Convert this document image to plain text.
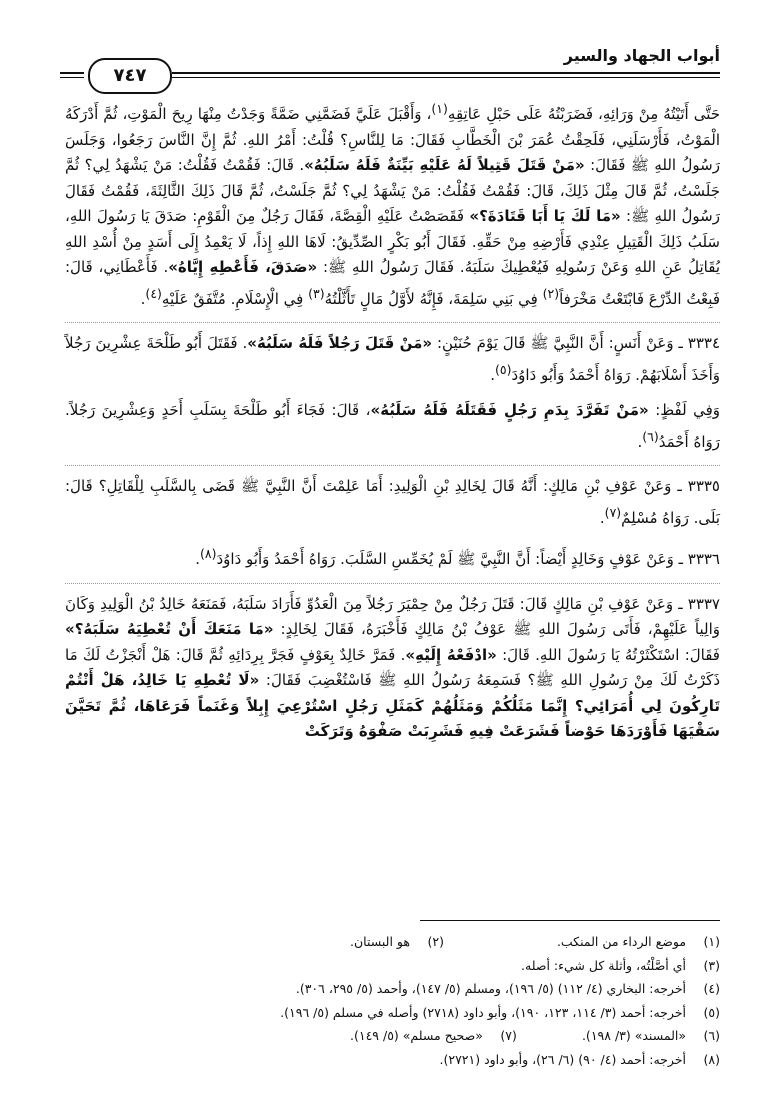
أبواب الجهاد والسير
٧٤٧

حَتَّى أَتَيْتُهُ مِنْ وَرَائِهِ، فَضَرَبْتُهُ عَلَى حَبْلِ عَاتِقِهِ$^{(١)}$، وَأَقْبَلَ عَلَيَّ فَضَمَّنِي ضَمَّةً وَجَدْتُ مِنْهَا رِيحَ الْمَوْتِ، ثُمَّ أَدْرَكَهُ الْمَوْتُ، فَأَرْسَلَنِي، فَلَحِقْتُ عُمَرَ بْنَ الْخَطَّابِ فَقَالَ: مَا لِلنَّاسِ؟ قُلْتُ: أَمْرُ اللهِ. ثُمَّ إِنَّ النَّاسَ رَجَعُوا، وَجَلَسَ رَسُولُ اللهِ ﷺ فَقَالَ: «مَنْ قَتَلَ قَتِيلاً لَهُ عَلَيْهِ بَيِّنَةٌ فَلَهُ سَلَبُهُ». قَالَ: فَقُمْتُ فَقُلْتُ: مَنْ يَشْهَدُ لِي؟ ثُمَّ جَلَسْتُ، ثُمَّ قَالَ مِثْلَ ذَلِكَ، قَالَ: فَقُمْتُ فَقُلْتُ: مَنْ يَشْهَدُ لِي؟ ثُمَّ جَلَسْتُ، ثُمَّ قَالَ ذَلِكَ الثَّالِثَةَ، فَقُمْتُ فَقَالَ رَسُولُ اللهِ ﷺ: «مَا لَكَ يَا أَبَا قَتَادَةَ؟» فَقَصَصْتُ عَلَيْهِ الْقِصَّةَ، فَقَالَ رَجُلٌ مِنَ الْقَوْمِ: صَدَقَ يَا رَسُولَ اللهِ، سَلَبُ ذَلِكَ الْقَتِيلِ عِنْدِي فَأَرْضِهِ مِنْ حَقِّهِ. فَقَالَ أَبُو بَكْرٍ الصِّدِّيقُ: لَاهَا اللهِ إِذاً، لَا يَعْمِدُ إِلَى أَسَدٍ مِنْ أُسْدِ اللهِ يُقَاتِلُ عَنِ اللهِ وَعَنْ رَسُولِهِ فَيُعْطِيكَ سَلَبَهُ. فَقَالَ رَسُولُ اللهِ ﷺ: «صَدَقَ، فَأَعْطِهِ إِيَّاهُ». فَأَعْطَانِي، قَالَ: فَبِعْتُ الدِّرْعَ فَابْتَعْتُ مَخْرَفاً$^{(٢)}$ فِي بَنِي سَلِمَةَ، فَإِنَّهُ لأَوَّلُ مَالٍ تَأَثَّلْتُهُ$^{(٣)}$ فِي الْإِسْلَامِ. مُتَّفَقٌ عَلَيْهِ$^{(٤)}$.

٣٣٣٤ ـ وَعَنْ أَنَسٍ: أَنَّ النَّبِيَّ ﷺ قَالَ يَوْمَ حُنَيْنٍ: «مَنْ قَتَلَ رَجُلاً فَلَهُ سَلَبُهُ». فَقَتَلَ أَبُو طَلْحَةَ عِشْرِينَ رَجُلاً وَأَخَذَ أَسْلَابَهُمْ. رَوَاهُ أَحْمَدُ وَأَبُو دَاوُدَ$^{(٥)}$.

وَفِي لَفْظٍ: «مَنْ تَفَرَّدَ بِدَمِ رَجُلٍ فَقَتَلَهُ فَلَهُ سَلَبُهُ»، قَالَ: فَجَاءَ أَبُو طَلْحَةَ بِسَلَبِ أَحَدٍ وَعِشْرِينَ رَجُلاً. رَوَاهُ أَحْمَدُ$^{(٦)}$.

٣٣٣٥ ـ وَعَنْ عَوْفِ بْنِ مَالِكٍ: أَنَّهُ قَالَ لِخَالِدِ بْنِ الْوَلِيدِ: أَمَا عَلِمْتَ أَنَّ النَّبِيَّ ﷺ قَضَى بِالسَّلَبِ لِلْقَاتِلِ؟ قَالَ: بَلَى. رَوَاهُ مُسْلِمٌ$^{(٧)}$.

٣٣٣٦ ـ وَعَنْ عَوْفٍ وَخَالِدٍ أَيْضاً: أَنَّ النَّبِيَّ ﷺ لَمْ يُخَمِّسِ السَّلَبَ. رَوَاهُ أَحْمَدُ وَأَبُو دَاوُدَ$^{(٨)}$.

٣٣٣٧ ـ وَعَنْ عَوْفِ بْنِ مَالِكٍ قَالَ: قَتَلَ رَجُلٌ مِنْ حِمْيَرَ رَجُلاً مِنَ الْعَدُوِّ فَأَرَادَ سَلَبَهُ، فَمَنَعَهُ خَالِدُ بْنُ الْوَلِيدِ وَكَانَ وَالِياً عَلَيْهِمْ، فَأَتَى رَسُولَ اللهِ ﷺ عَوْفُ بْنُ مَالِكٍ فَأَخْبَرَهُ، فَقَالَ لِخَالِدٍ: «مَا مَنَعَكَ أَنْ تُعْطِيَهُ سَلَبَهُ؟» فَقَالَ: اسْتَكْثَرْتُهُ يَا رَسُولَ اللهِ. قَالَ: «ادْفَعْهُ إِلَيْهِ». فَمَرَّ خَالِدٌ بِعَوْفٍ فَجَرَّ بِرِدَائِهِ ثُمَّ قَالَ: هَلْ أَنْجَزْتُ لَكَ مَا ذَكَرْتُ لَكَ مِنْ رَسُولِ اللهِ ﷺ؟ فَسَمِعَهُ رَسُولُ اللهِ ﷺ فَاسْتُغْضِبَ فَقَالَ: «لَا تُعْطِهِ يَا خَالِدُ، هَلْ أَنْتُمْ تَارِكُونَ لِي أُمَرَائِي؟ إِنَّمَا مَثَلُكُمْ وَمَثَلُهُمْ كَمَثَلِ رَجُلٍ اسْتُرْعِيَ إِبِلاً وَغَنَماً فَرَعَاهَا، ثُمَّ تَحَيَّنَ سَقْيَهَا فَأَوْرَدَهَا حَوْضاً فَشَرَعَتْ فِيهِ فَشَرِبَتْ صَفْوَهُ وَتَرَكَتْ

(١) موضع الرداء من المنكب.
(٢) هو البستان.
(٣) أي أصَّلْتُه، وأثلة كل شيء: أصله.
(٤) أخرجه: البخاري (٤/ ١١٢) (٥/ ١٩٦)، ومسلم (٥/ ١٤٧)، وأحمد (٥/ ٢٩٥، ٣٠٦).
(٥) أخرجه: أحمد (٣/ ١١٤، ١٢٣، ١٩٠)، وأبو داود (٢٧١٨) وأصله في مسلم (٥/ ١٩٦).
(٦) «المسند» (٣/ ١٩٨).
(٧) «صحيح مسلم» (٥/ ١٤٩).
(٨) أخرجه: أحمد (٤/ ٩٠) (٦/ ٢٦)، وأبو داود (٢٧٢١).
